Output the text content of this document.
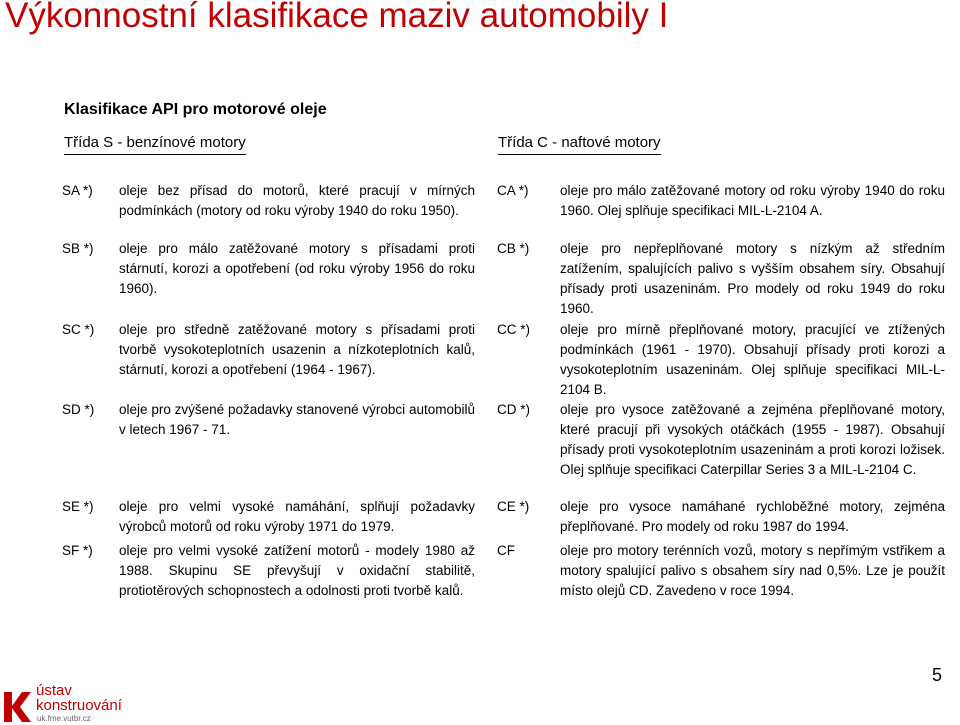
Výkonnostní klasifikace maziv automobily I
Klasifikace API pro motorové oleje
Třída S - benzínové motory	Třída C - naftové motory
SA *) oleje bez přísad do motorů, které pracují v mírných podmínkách (motory od roku výroby 1940 do roku 1950).

SB *) oleje pro málo zatěžované motory s přísadami proti stárnutí, korozi a opotřebení (od roku výroby 1956 do roku 1960).

SC *) oleje pro středně zatěžované motory s přísadami proti tvorbě vysokoteplotních usazenin a nízkoteplotních kalů, stárnutí, korozi a opotřebení (1964 - 1967).

SD *) oleje pro zvýšené požadavky stanovené výrobci automobilů v letech 1967 - 71.

SE *) oleje pro velmi vysoké namáhání, splňují požadavky výrobců motorů od roku výroby 1971 do 1979.

SF *) oleje pro velmi vysoké zatížení motorů - modely 1980 až 1988. Skupinu SE převyšují v oxidační stabilitě, protiotěrových schopnostech a odolnosti proti tvorbě kalů.

CA *) oleje pro málo zatěžované motory od roku výroby 1940 do roku 1960. Olej splňuje specifikaci MIL-L-2104 A.

CB *) oleje pro nepřeplňované motory s nízkým až středním zatížením, spalujících palivo s vyšším obsahem síry. Obsahují přísady proti usazeninám. Pro modely od roku 1949 do roku 1960.

CC *) oleje pro mírně přeplňované motory, pracující ve ztížených podmínkách (1961 - 1970). Obsahují přísady proti korozi a vysokoteplotním usazeninám. Olej splňuje specifikaci MIL-L-2104 B.

CD *) oleje pro vysoce zatěžované a zejména přeplňované motory, které pracují při vysokých otáčkách (1955 - 1987). Obsahují přísady proti vysokoteplotním usazeninám a proti korozi ložisek. Olej splňuje specifikaci Caterpillar Series 3 a MIL-L-2104 C.

CE *) oleje pro vysoce namáhané rychloběžné motory, zejména přeplňované. Pro modely od roku 1987 do 1994.

CF	oleje pro motory terénních vozů, motory s nepřímým vstřikem a motory spalující palivo s obsahem síry nad 0,5%. Lze je použít místo olejů CD. Zavedeno v roce 1994.

5
ústav
konstruování
uk.fme.vutbr.cz
